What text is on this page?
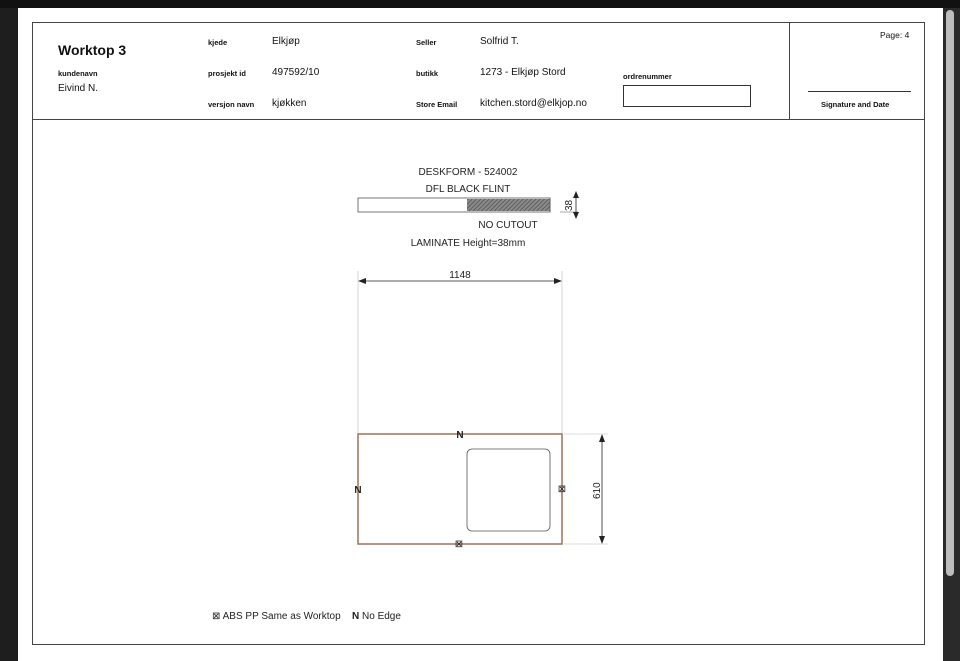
Worktop 3
kundenavn
Eivind N.
kjede	Elkjøp
prosjekt id	497592/10
versjon navn kjøkken
Seller	Solfrid T.
butikk	1273 - Elkjøp Stord
Store Email kitchen.stord@elkjop.no
ordrenummer
Page: 4
Signature and Date
DESKFORM - 524002
DFL BLACK FLINT
38
NO CUTOUT
LAMINATE Height=38mm
1148
610
N
N	⊠
⊠
⊠ ABS PP Same as Worktop N No Edge
